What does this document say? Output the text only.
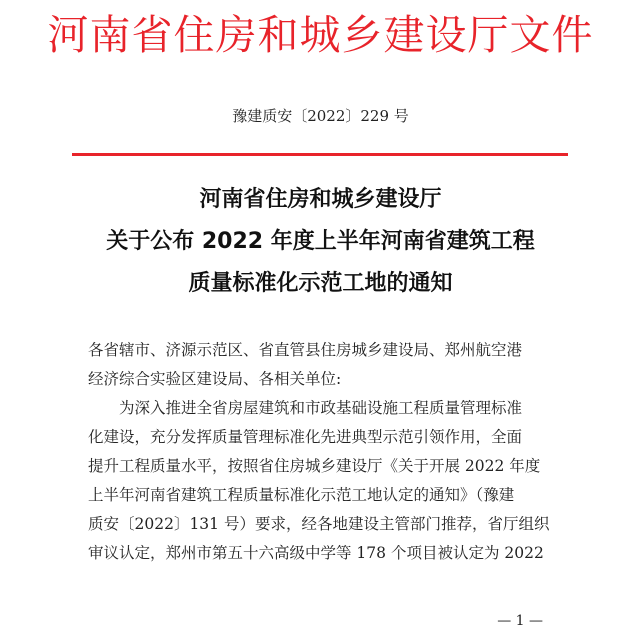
河南省住房和城乡建设厅文件
豫建质安〔2022〕229 号
河南省住房和城乡建设厅
关于公布 2022 年度上半年河南省建筑工程
质量标准化示范工地的通知

各省辖市、济源示范区、省直管县住房城乡建设局、郑州航空港

经济综合实验区建设局、各相关单位:

　　为深入推进全省房屋建筑和市政基础设施工程质量管理标准

化建设，充分发挥质量管理标准化先进典型示范引领作用，全面

提升工程质量水平，按照省住房城乡建设厅《关于开展 2022 年度

上半年河南省建筑工程质量标准化示范工地认定的通知》（豫建

质安〔2022〕131 号）要求，经各地建设主管部门推荐，省厅组织

审议认定，郑州市第五十六高级中学等 178 个项目被认定为 2022

— 1 —
